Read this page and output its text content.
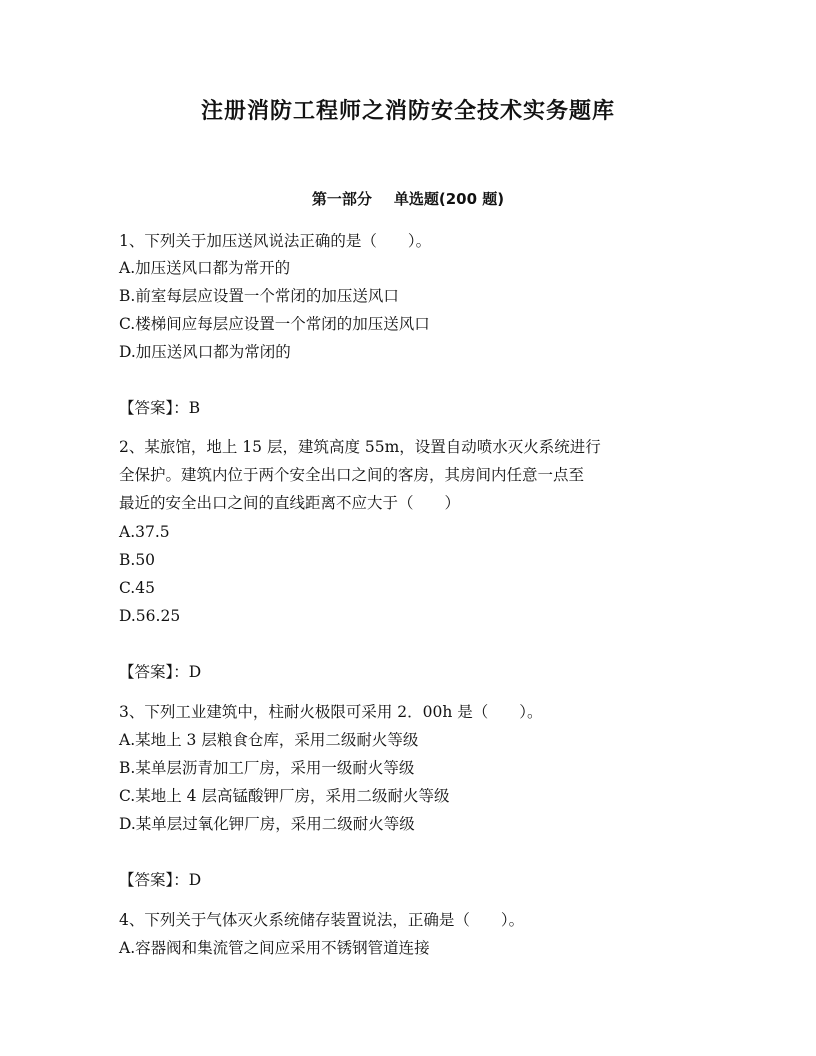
注册消防工程师之消防安全技术实务题库
第一部分 单选题(200 题)
1、下列关于加压送风说法正确的是（　　）。
A.加压送风口都为常开的
B.前室每层应设置一个常闭的加压送风口
C.楼梯间应每层应设置一个常闭的加压送风口
D.加压送风口都为常闭的
【答案】：B
2、某旅馆，地上 15 层，建筑高度 55m，设置自动喷水灭火系统进行
全保护。建筑内位于两个安全出口之间的客房，其房间内任意一点至
最近的安全出口之间的直线距离不应大于（　　）
A.37.5
B.50
C.45
D.56.25
【答案】：D
3、下列工业建筑中，柱耐火极限可采用 2．00h 是（　　）。
A.某地上 3 层粮食仓库，采用二级耐火等级
B.某单层沥青加工厂房，采用一级耐火等级
C.某地上 4 层高锰酸钾厂房，采用二级耐火等级
D.某单层过氧化钾厂房，采用二级耐火等级
【答案】：D
4、下列关于气体灭火系统储存装置说法，正确是（　　）。
A.容器阀和集流管之间应采用不锈钢管道连接
